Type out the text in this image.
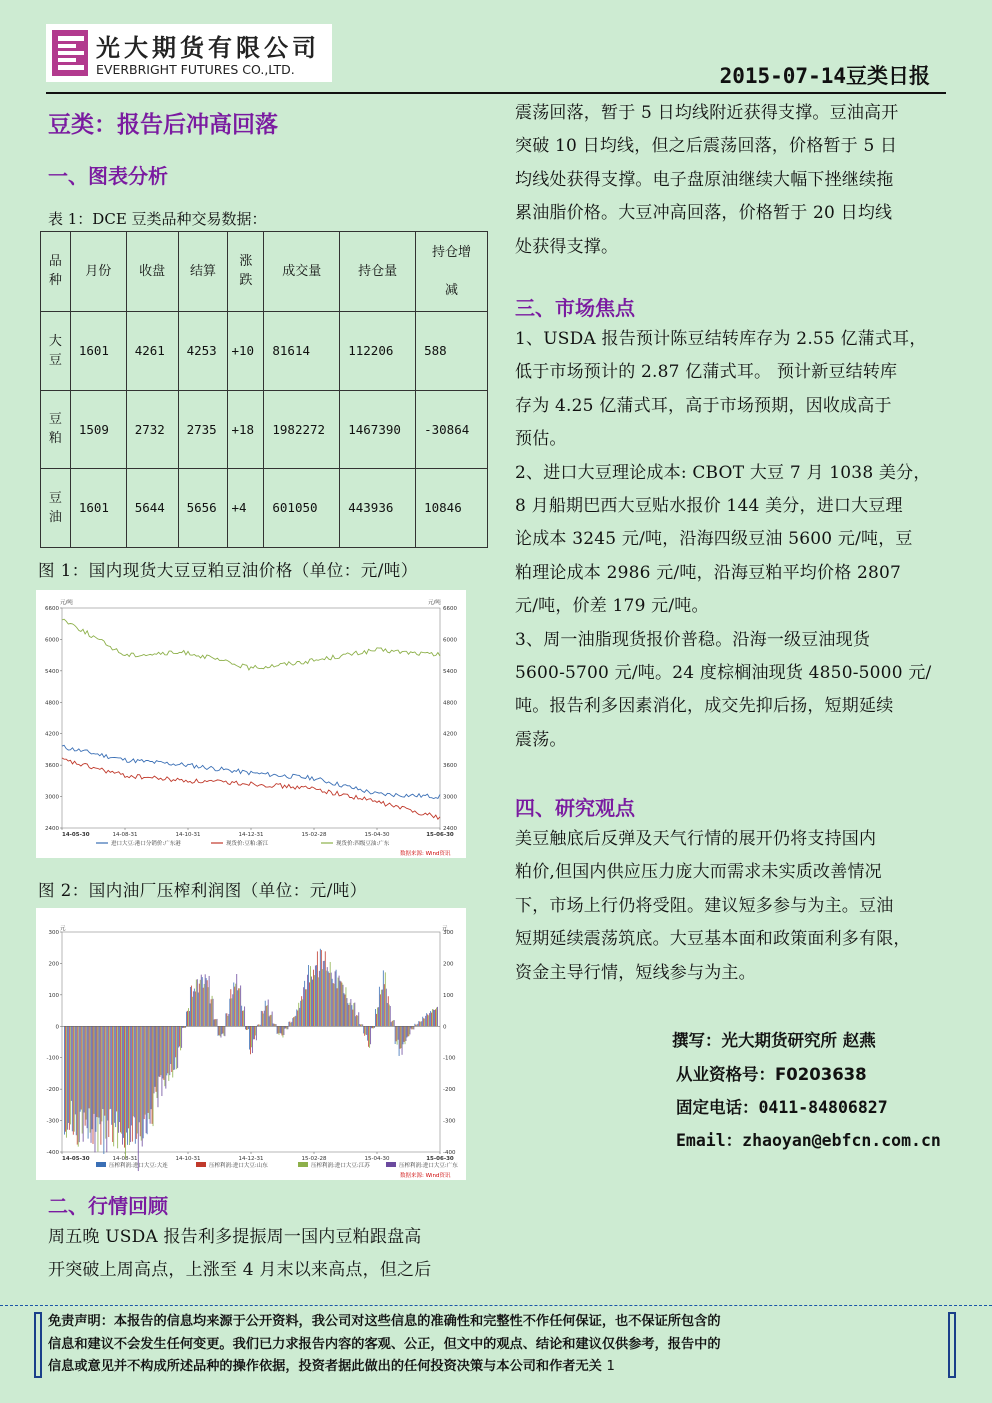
光大期货有限公司
EVERBRIGHT FUTURES CO.,LTD.	2015-07-14豆类日报
豆类：报告后冲高回落
一、图表分析
表 1：DCE 豆类品种交易数据：
品种	月份	收盘	结算	涨跌	成交量	持仓量	持仓增减
大豆	1601	4261	4253	+10	81614	112206	588
豆粕	1509	2732	2735	+18	1982272	1467390	-30864
豆油	1601	5644	5656	+4	601050	443936	10846
图 1：国内现货大豆豆粕豆油价格（单位：元/吨）
元/吨	元/吨
数据来源: Wind资讯
6600	6600
6000	6000
5400	5400
4800	4800
4200	4200
3600	3600
3000	3000
2400	2400
14-05-30	14-08-31	14-10-31	14-12-31	15-02-28	15-04-30	15-06-30
进口大豆:港口分销价:广东港	现货价:豆粕:浙江	现货价:四级豆油:广东
图 2：国内油厂压榨利润图（单位：元/吨）
元	元
数据来源: Wind资讯
300	300
200	200
100	100
0	0
-100	-100
-200	-200
-300	-300
-400	-400
14-05-30	14-08-31	14-10-31	14-12-31	15-02-28	15-04-30	15-06-30
压榨利润:进口大豆:大连	压榨利润:进口大豆:山东	压榨利润:进口大豆:江苏	压榨利润:进口大豆:广东
二、行情回顾
周五晚 USDA 报告利多提振周一国内豆粕跟盘高
开突破上周高点，上涨至 4 月末以来高点，但之后
震荡回落，暂于 5 日均线附近获得支撑。豆油高开
突破 10 日均线，但之后震荡回落，价格暂于 5 日
均线处获得支撑。电子盘原油继续大幅下挫继续拖
累油脂价格。大豆冲高回落，价格暂于 20 日均线
处获得支撑。
三、市场焦点
1、USDA 报告预计陈豆结转库存为 2.55 亿蒲式耳，
低于市场预计的 2.87 亿蒲式耳。 预计新豆结转库
存为 4.25 亿蒲式耳，高于市场预期，因收成高于
预估。
2、进口大豆理论成本: CBOT 大豆 7 月 1038 美分，
8 月船期巴西大豆贴水报价 144 美分，进口大豆理
论成本 3245 元/吨，沿海四级豆油 5600 元/吨，豆
粕理论成本 2986 元/吨，沿海豆粕平均价格 2807
元/吨，价差 179 元/吨。
3、周一油脂现货报价普稳。沿海一级豆油现货
5600-5700 元/吨。24 度棕榈油现货 4850-5000 元/
吨。报告利多因素消化，成交先抑后扬，短期延续
震荡。
四、研究观点
美豆触底后反弹及天气行情的展开仍将支持国内
粕价,但国内供应压力庞大而需求未实质改善情况
下，市场上行仍将受阻。建议短多参与为主。豆油
短期延续震荡筑底。大豆基本面和政策面利多有限，
资金主导行情，短线参与为主。
撰写：光大期货研究所 赵燕
从业资格号：F0203638
固定电话：0411-84806827
Email：zhaoyan@ebfcn.com.cn
免责声明：本报告的信息均来源于公开资料，我公司对这些信息的准确性和完整性不作任何保证，也不保证所包含的
信息和建议不会发生任何变更。我们已力求报告内容的客观、公正，但文中的观点、结论和建议仅供参考，报告中的
信息或意见并不构成所述品种的操作依据，投资者据此做出的任何投资决策与本公司和作者无关 1
